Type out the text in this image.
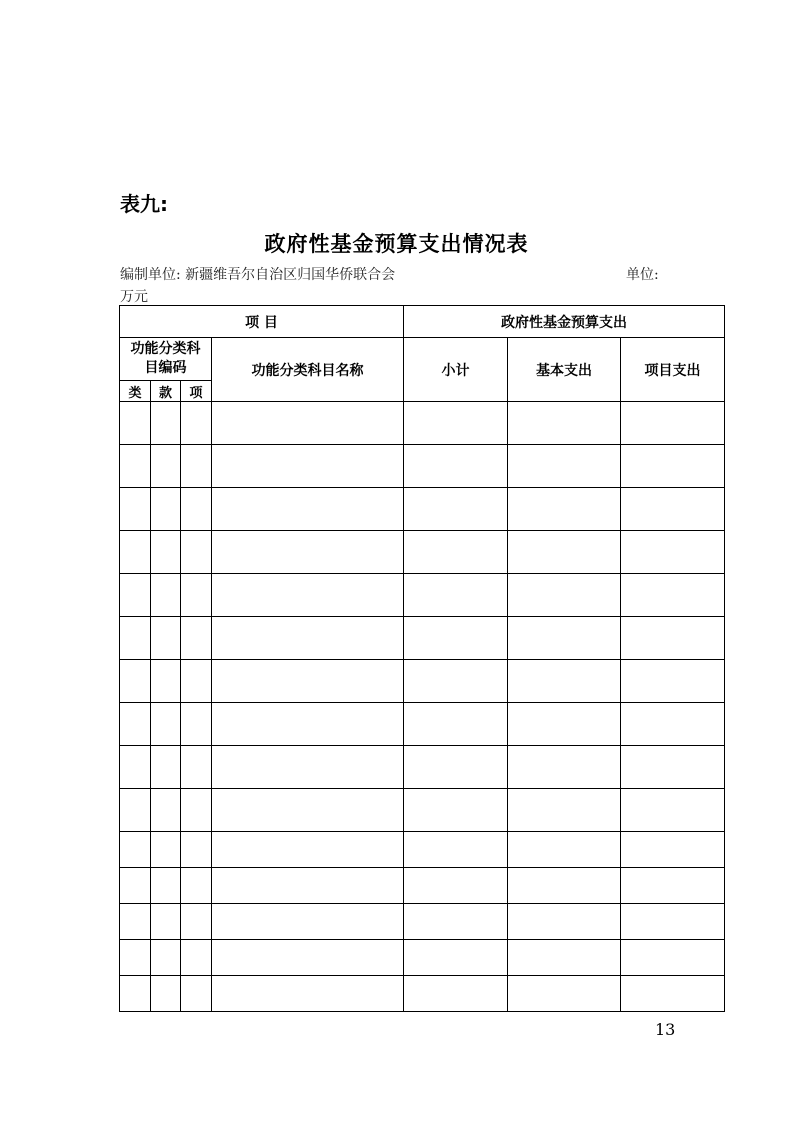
表九:
政府性基金预算支出情况表
编制单位: 新疆维吾尔自治区归国华侨联合会	单位:
万元
项 目				政府性基金预算支出		
功能分类科目编码			功能分类科目名称	小计	基本支出	项目支出
类	款	项				

13
